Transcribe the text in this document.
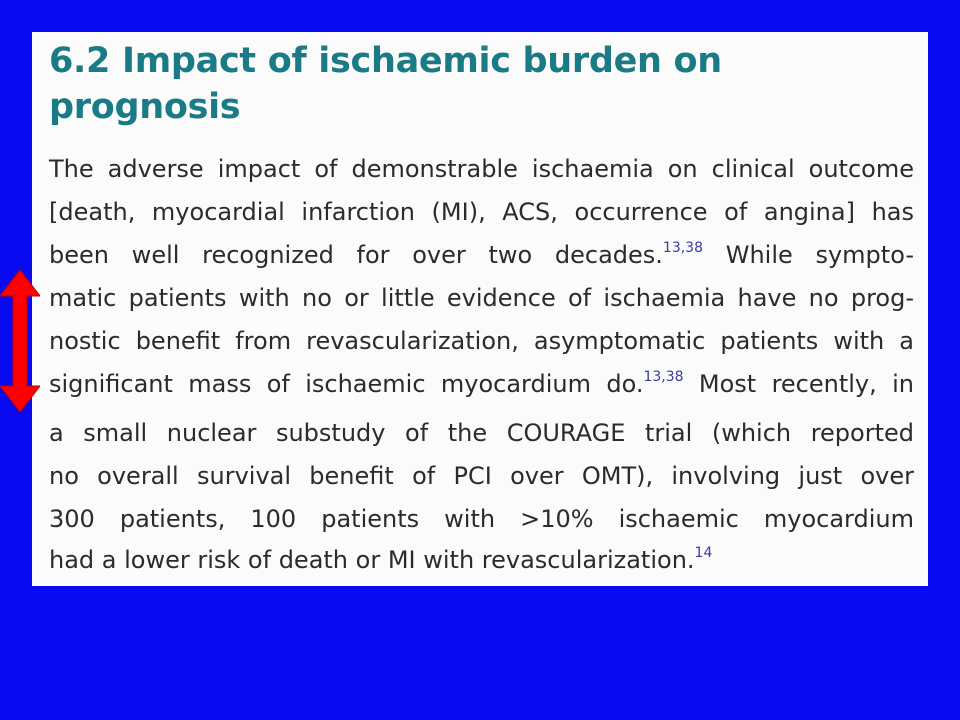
6.2 Impact of ischaemic burden on
prognosis
The adverse impact of demonstrable ischaemia on clinical outcome
[death, myocardial infarction (MI), ACS, occurrence of angina] has
been well recognized for over two decades.$^{13,38}$ While sympto-
matic patients with no or little evidence of ischaemia have no prog-
nostic benefit from revascularization, asymptomatic patients with a
significant mass of ischaemic myocardium do.$^{13,38}$ Most recently, in
a small nuclear substudy of the COURAGE trial (which reported
no overall survival benefit of PCI over OMT), involving just over
300 patients, 100 patients with >10% ischaemic myocardium
had a lower risk of death or MI with revascularization.$^{14}$
